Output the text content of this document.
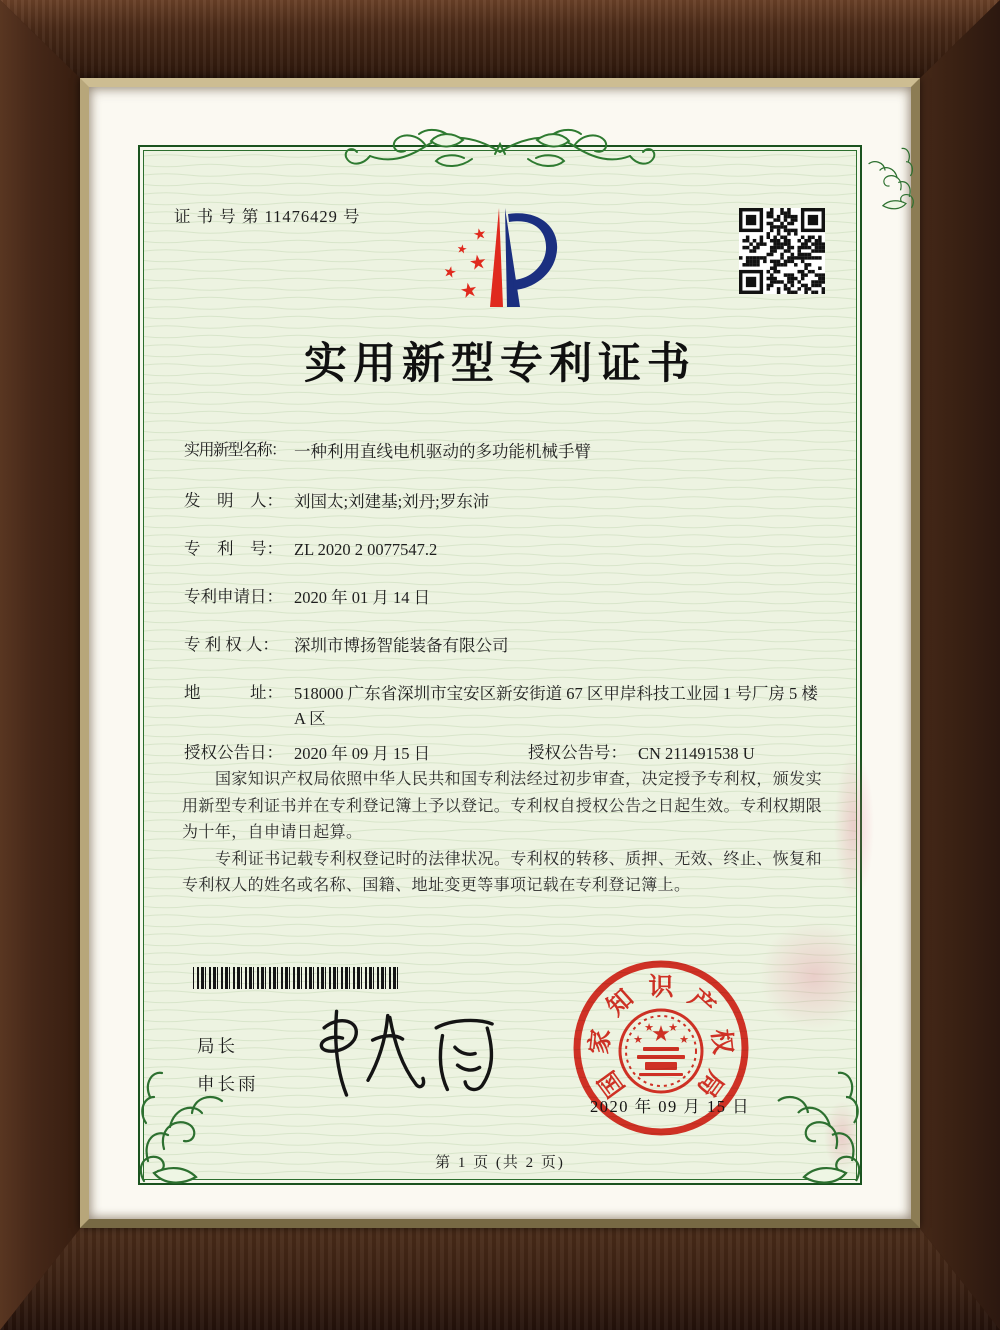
证 书 号 第 11476429 号
★
★
★
★
★
实用新型专利证书
实用新型名称： 一种利用直线电机驱动的多功能机械手臂
发　明　人： 刘国太;刘建基;刘丹;罗东沛
专　利　号： ZL 2020 2 0077547.2
专利申请日： 2020 年 01 月 14 日
专 利 权 人： 深圳市博扬智能装备有限公司
地　　　址： 518000 广东省深圳市宝安区新安街道 67 区甲岸科技工业园 1 号厂房 5 楼 A 区
授权公告日： 2020 年 09 月 15 日	授权公告号： CN 211491538 U

国家知识产权局依照中华人民共和国专利法经过初步审查，决定授予专利权，颁发实用新型专利证书并在专利登记簿上予以登记。专利权自授权公告之日起生效。专利权期限为十年，自申请日起算。

专利证书记载专利权登记时的法律状况。专利权的转移、质押、无效、终止、恢复和专利权人的姓名或名称、国籍、地址变更等事项记载在专利登记簿上。

局长
申长雨	国
家
知 识 产
权
局
★
★
★ ★
★
2020 年 09 月 15 日
第 1 页 (共 2 页)
